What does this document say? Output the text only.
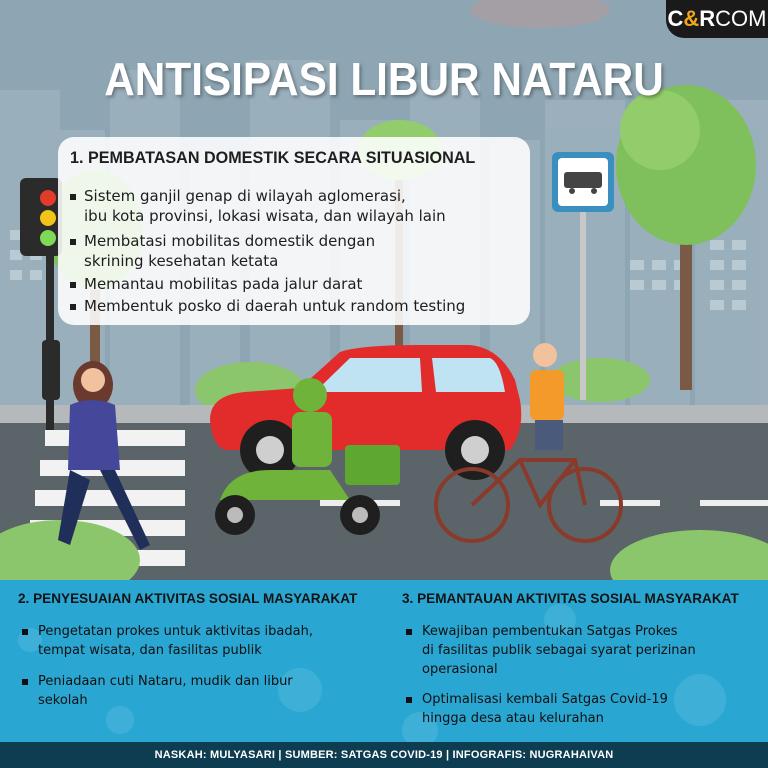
C&RCOM
ANTISIPASI LIBUR NATARU
1. PEMBATASAN DOMESTIK SECARA SITUASIONAL
Sistem ganjil genap di wilayah aglomerasi,
ibu kota provinsi, lokasi wisata, dan wilayah lain
Membatasi mobilitas domestik dengan
skrining kesehatan ketata
Memantau mobilitas pada jalur darat
Membentuk posko di daerah untuk random testing
2. PENYESUAIAN AKTIVITAS SOSIAL MASYARAKAT
Pengetatan prokes untuk aktivitas ibadah,
tempat wisata, dan fasilitas publik
Peniadaan cuti Nataru, mudik dan libur
sekolah
3. PEMANTAUAN AKTIVITAS SOSIAL MASYARAKAT
Kewajiban pembentukan Satgas Prokes
di fasilitas publik sebagai syarat perizinan
operasional
Optimalisasi kembali Satgas Covid-19
hingga desa atau kelurahan
NASKAH: MULYASARI | SUMBER: SATGAS COVID-19 | INFOGRAFIS: NUGRAHAIVAN
